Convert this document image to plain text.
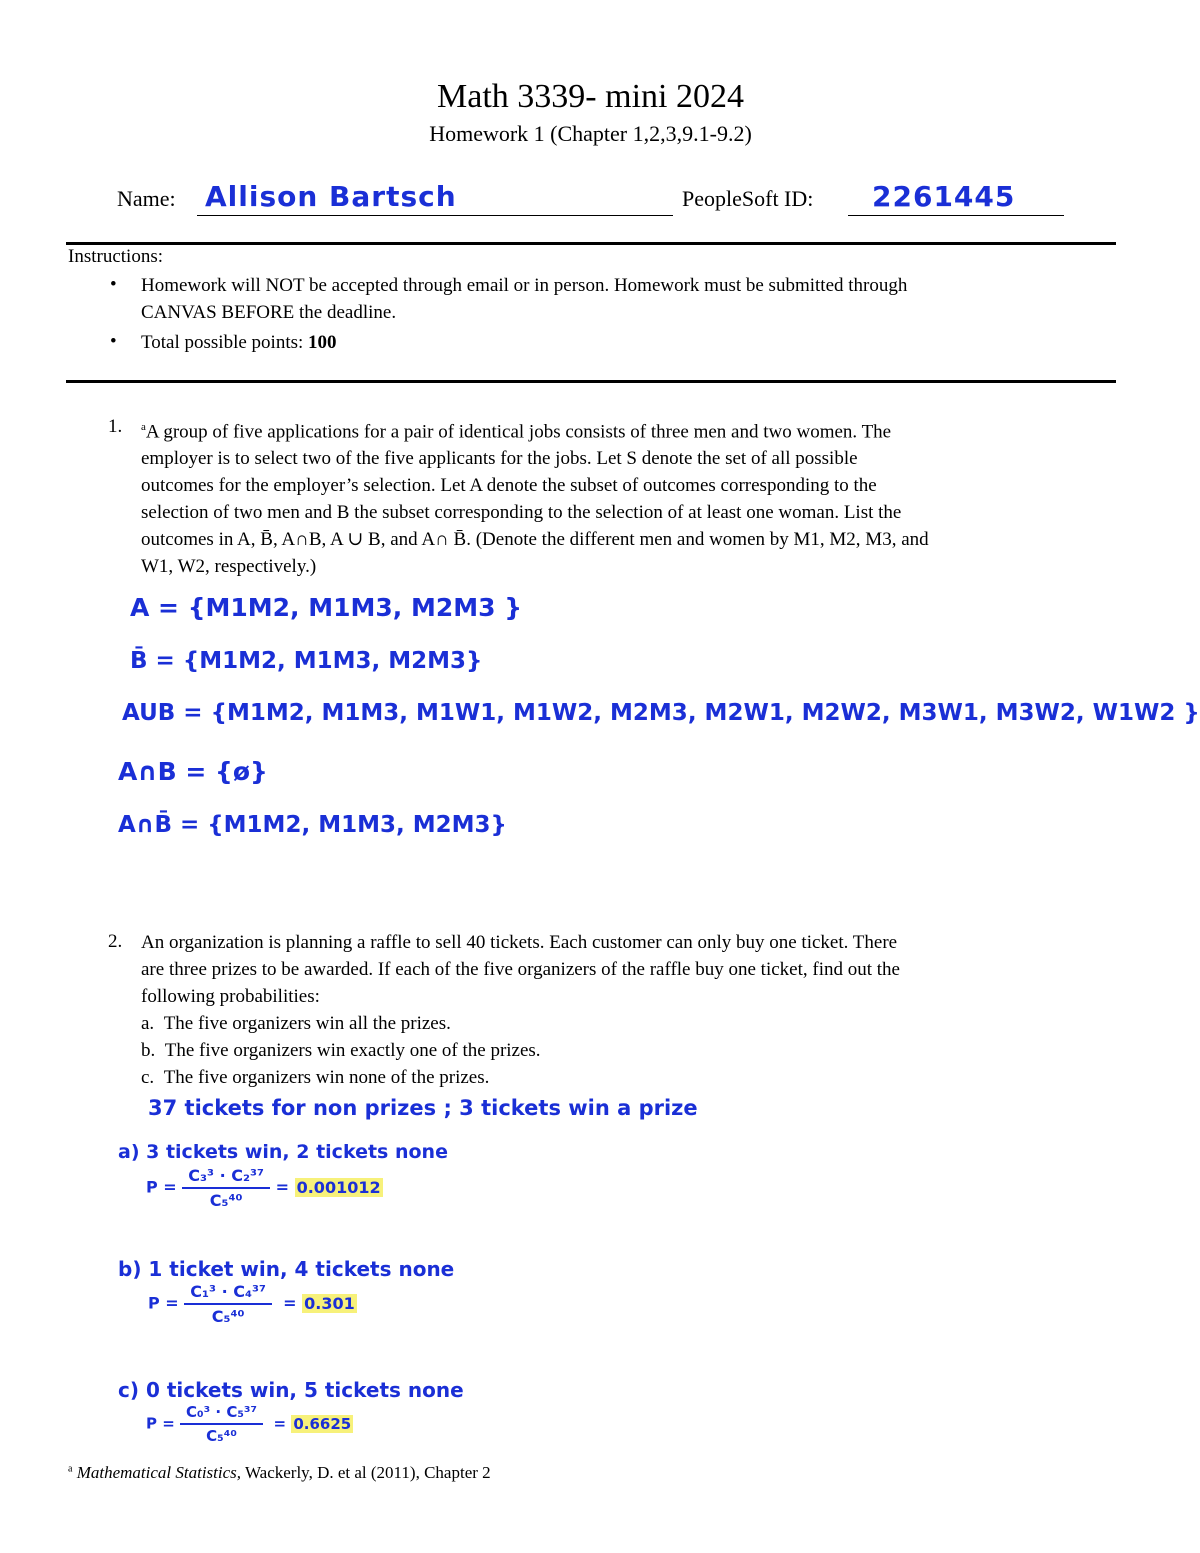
Math 3339- mini 2024
Homework 1 (Chapter 1,2,3,9.1-9.2)
Name: Allison Bartsch	PeopleSoft ID: 2261445
Instructions:
• Homework will NOT be accepted through email or in person. Homework must be submitted through
CANVAS BEFORE the deadline.
• Total possible points: 100
1. $^a$A group of five applications for a pair of identical jobs consists of three men and two women. The
employer is to select two of the five applicants for the jobs. Let S denote the set of all possible
outcomes for the employer’s selection. Let A denote the subset of outcomes corresponding to the
selection of two men and B the subset corresponding to the selection of at least one woman. List the
outcomes in A, B̄, A∩B, A ∪ B, and A∩ B̄. (Denote the different men and women by M1, M2, M3, and
W1, W2, respectively.)
A = {M1M2, M1M3, M2M3 }
B̄ = {M1M2, M1M3, M2M3}
AUB = {M1M2, M1M3, M1W1, M1W2, M2M3, M2W1, M2W2, M3W1, M3W2, W1W2 }
A∩B = {ø}
A∩B̄ = {M1M2, M1M3, M2M3}
2. An organization is planning a raffle to sell 40 tickets. Each customer can only buy one ticket. There
are three prizes to be awarded. If each of the five organizers of the raffle buy one ticket, find out the
following probabilities:
a. The five organizers win all the prizes.
b. The five organizers win exactly one of the prizes.
c. The five organizers win none of the prizes.
37 tickets for non prizes ; 3 tickets win a prize
a) 3 tickets win, 2 tickets none
$P = \frac{\text{C₃³ · C₂³⁷}}{\text{C₅⁴⁰}} = 0.001012$
b) 1 ticket win, 4 tickets none
$P = \frac{\text{C₁³ · C₄³⁷}}{\text{C₅⁴⁰}} = 0.301$
c) 0 tickets win, 5 tickets none
$P = \frac{\text{C₀³ · C₅³⁷}}{\text{C₅⁴⁰}} = 0.6625$
$^a$ Mathematical Statistics, Wackerly, D. et al (2011), Chapter 2
